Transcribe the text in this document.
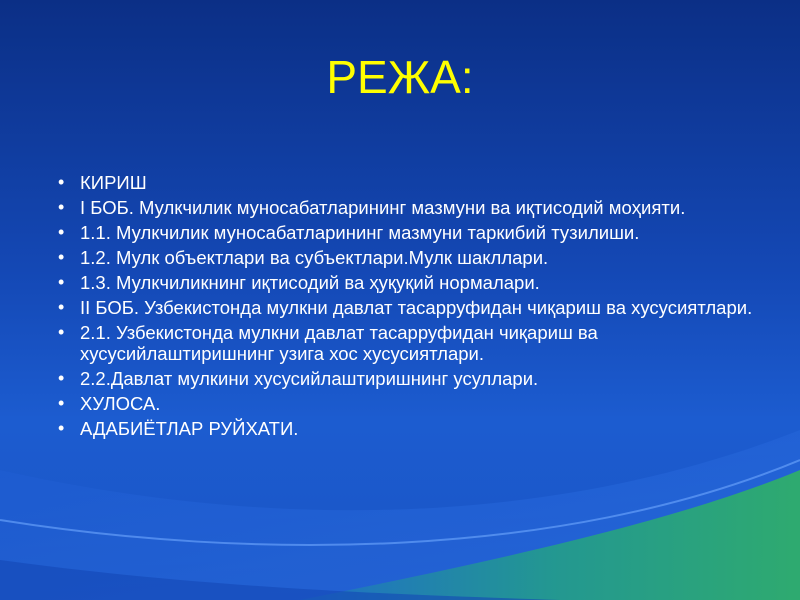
РЕЖА:
• КИРИШ
• I БОБ. Мулкчилик муносабатларининг мазмуни ва иқтисодий моҳияти.
• 1.1. Мулкчилик муносабатларининг мазмуни таркибий тузилиши.
• 1.2. Мулк объектлари ва субъектлари.Мулк шакллари.
• 1.3. Мулкчиликнинг иқтисодий ва ҳуқуқий нормалари.
• II БОБ. Узбекистонда мулкни давлат тасарруфидан чиқариш ва хусусиятлари.
• 2.1. Узбекистонда мулкни давлат тасарруфидан чиқариш ва хусусийлаштиришнинг узига хос хусусиятлари.
• 2.2.Давлат мулкини хусусийлаштиришнинг усуллари.
• ХУЛОСА.
• АДАБИЁТЛАР РУЙХАТИ.
